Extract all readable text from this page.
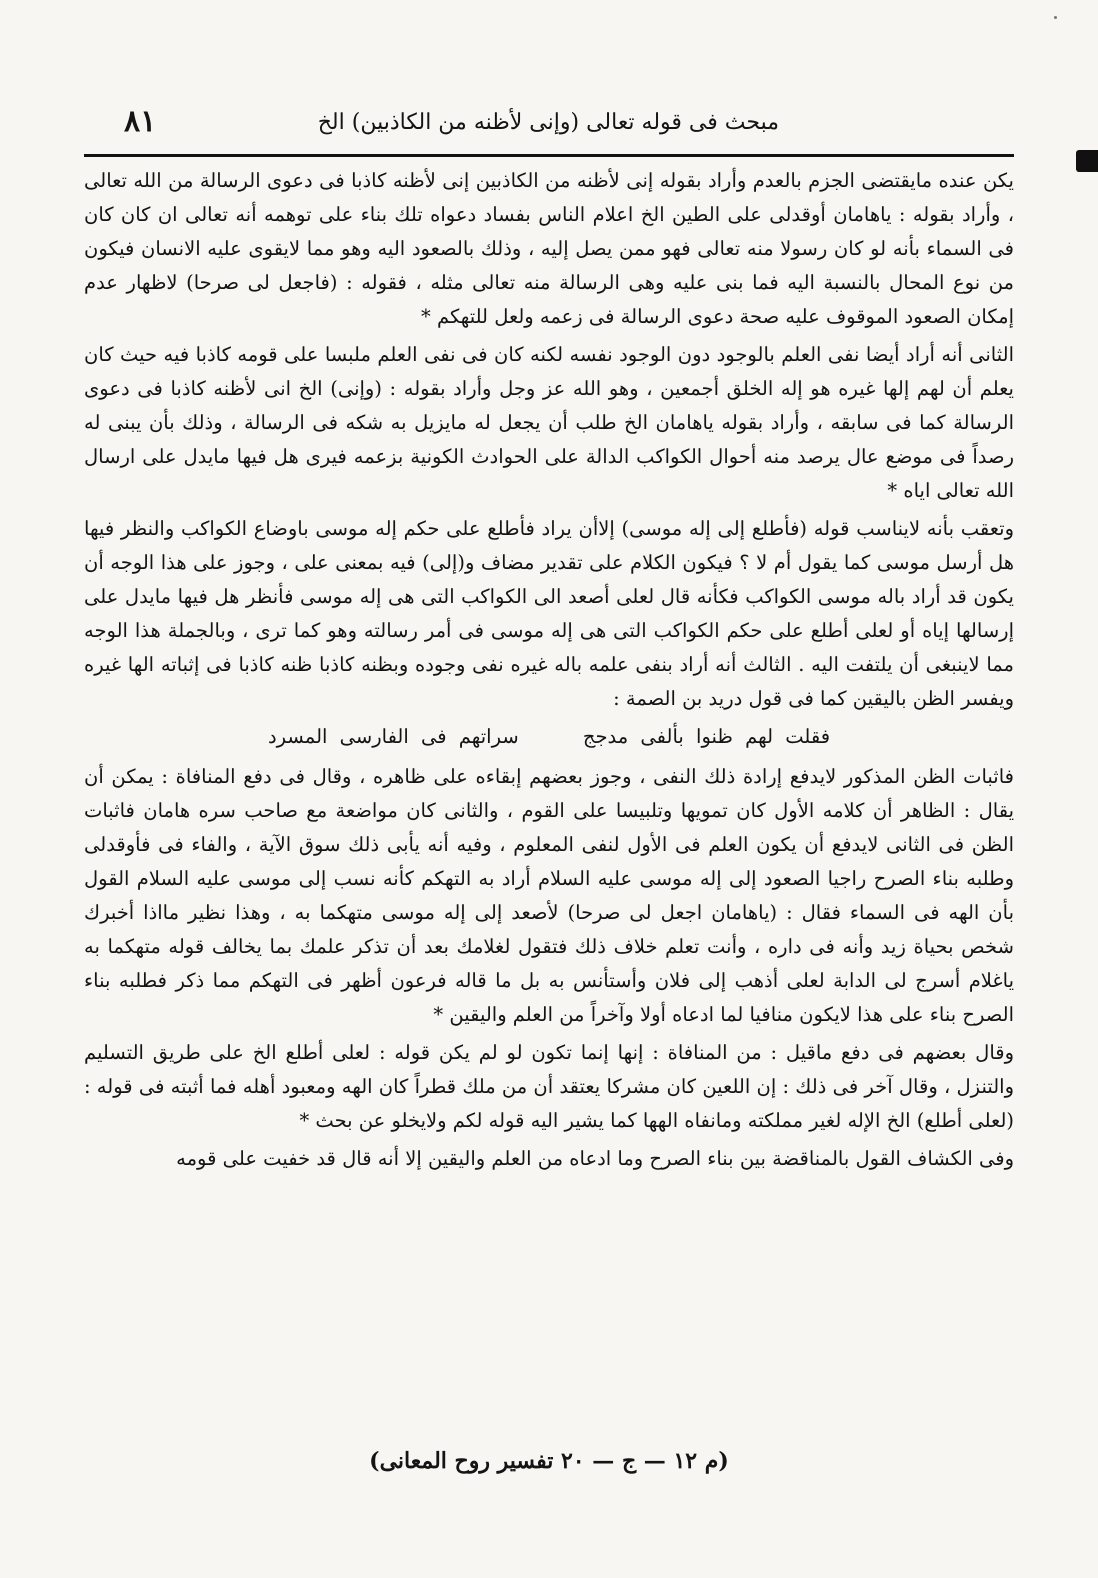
مبحث فى قوله تعالى (وإنى لأظنه من الكاذبين) الخ
٨١

يكن عنده مايقتضى الجزم بالعدم وأراد بقوله إنى لأظنه من الكاذبين إنى لأظنه كاذبا فى دعوى الرسالة من الله تعالى ، وأراد بقوله : ياهامان أوقدلى على الطين الخ اعلام الناس بفساد دعواه تلك بناء على توهمه أنه تعالى ان كان كان فى السماء بأنه لو كان رسولا منه تعالى فهو ممن يصل إليه ، وذلك بالصعود اليه وهو مما لايقوى عليه الانسان فيكون من نوع المحال بالنسبة اليه فما بنى عليه وهى الرسالة منه تعالى مثله ، فقوله : (فاجعل لى صرحا) لاظهار عدم إمكان الصعود الموقوف عليه صحة دعوى الرسالة فى زعمه ولعل للتهكم *

الثانى أنه أراد أيضا نفى العلم بالوجود دون الوجود نفسه لكنه كان فى نفى العلم ملبسا على قومه كاذبا فيه حيث كان يعلم أن لهم إلها غيره هو إله الخلق أجمعين ، وهو الله عز وجل وأراد بقوله : (وإنى) الخ انى لأظنه كاذبا فى دعوى الرسالة كما فى سابقه ، وأراد بقوله ياهامان الخ طلب أن يجعل له مايزيل به شكه فى الرسالة ، وذلك بأن يبنى له رصداً فى موضع عال يرصد منه أحوال الكواكب الدالة على الحوادث الكونية بزعمه فيرى هل فيها مايدل على ارسال الله تعالى اياه *

وتعقب بأنه لايناسب قوله (فأطلع إلى إله موسى) إلاأن يراد فأطلع على حكم إله موسى باوضاع الكواكب والنظر فيها هل أرسل موسى كما يقول أم لا ؟ فيكون الكلام على تقدير مضاف و(إلى) فيه بمعنى على ، وجوز على هذا الوجه أن يكون قد أراد باله موسى الكواكب فكأنه قال لعلى أصعد الى الكواكب التى هى إله موسى فأنظر هل فيها مايدل على إرسالها إياه أو لعلى أطلع على حكم الكواكب التى هى إله موسى فى أمر رسالته وهو كما ترى ، وبالجملة هذا الوجه مما لاينبغى أن يلتفت اليه . الثالث أنه أراد بنفى علمه باله غيره نفى وجوده وبظنه كاذبا ظنه كاذبا فى إثباته الها غيره ويفسر الظن باليقين كما فى قول دريد بن الصمة :

فقلت لهم ظنوا بألفى مدجج سراتهم فى الفارسى المسرد

فاثبات الظن المذكور لايدفع إرادة ذلك النفى ، وجوز بعضهم إبقاءه على ظاهره ، وقال فى دفع المنافاة : يمكن أن يقال : الظاهر أن كلامه الأول كان تمويها وتلبيسا على القوم ، والثانى كان مواضعة مع صاحب سره هامان فاثبات الظن فى الثانى لايدفع أن يكون العلم فى الأول لنفى المعلوم ، وفيه أنه يأبى ذلك سوق الآية ، والفاء فى فأوقدلى وطلبه بناء الصرح راجيا الصعود إلى إله موسى عليه السلام أراد به التهكم كأنه نسب إلى موسى عليه السلام القول بأن الهه فى السماء فقال : (ياهامان اجعل لى صرحا) لأصعد إلى إله موسى متهكما به ، وهذا نظير مااذا أخبرك شخص بحياة زيد وأنه فى داره ، وأنت تعلم خلاف ذلك فتقول لغلامك بعد أن تذكر علمك بما يخالف قوله متهكما به ياغلام أسرج لى الدابة لعلى أذهب إلى فلان وأستأنس به بل ما قاله فرعون أظهر فى التهكم مما ذكر فطلبه بناء الصرح بناء على هذا لايكون منافيا لما ادعاه أولا وآخراً من العلم واليقين *

وقال بعضهم فى دفع ماقيل : من المنافاة : إنها إنما تكون لو لم يكن قوله : لعلى أطلع الخ على طريق التسليم والتنزل ، وقال آخر فى ذلك : إن اللعين كان مشركا يعتقد أن من ملك قطراً كان الهه ومعبود أهله فما أثبته فى قوله : (لعلى أطلع) الخ الإله لغير مملكته ومانفاه الهها كما يشير اليه قوله لكم ولايخلو عن بحث *

وفى الكشاف القول بالمناقضة بين بناء الصرح وما ادعاه من العلم واليقين إلا أنه قال قد خفيت على قومه

(م ١٢ — ج — ٢٠ تفسير روح المعانى)
